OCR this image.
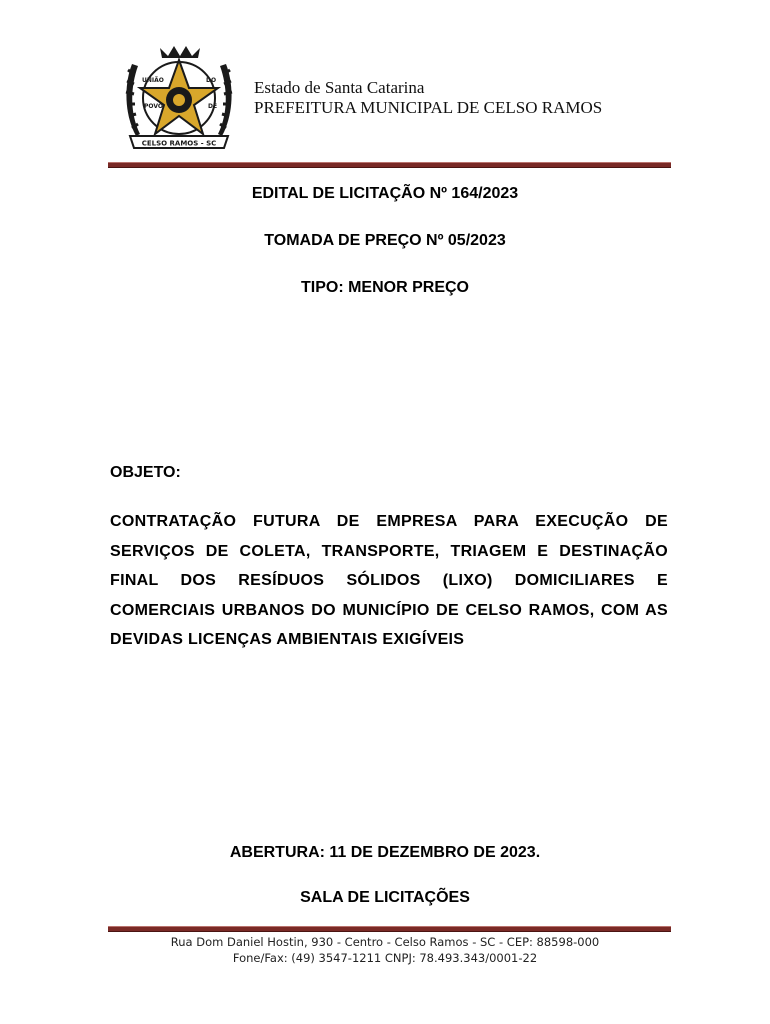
UNIÃO	DO
POVO	DE
CELSO RAMOS - SC
Estado de Santa Catarina
PREFEITURA MUNICIPAL DE CELSO RAMOS
EDITAL DE LICITAÇÃO Nº 164/2023
TOMADA DE PREÇO Nº 05/2023
TIPO: MENOR PREÇO
OBJETO:
CONTRATAÇÃO FUTURA DE EMPRESA PARA EXECUÇÃO DE SERVIÇOS DE COLETA, TRANSPORTE, TRIAGEM E DESTINAÇÃO FINAL DOS RESÍDUOS SÓLIDOS (LIXO) DOMICILIARES E COMERCIAIS URBANOS DO MUNICÍPIO DE CELSO RAMOS, COM AS DEVIDAS LICENÇAS AMBIENTAIS EXIGÍVEIS
ABERTURA: 11 DE DEZEMBRO DE 2023.
SALA DE LICITAÇÕES
Rua Dom Daniel Hostin, 930 - Centro - Celso Ramos - SC - CEP: 88598-000
Fone/Fax: (49) 3547-1211 CNPJ: 78.493.343/0001-22
